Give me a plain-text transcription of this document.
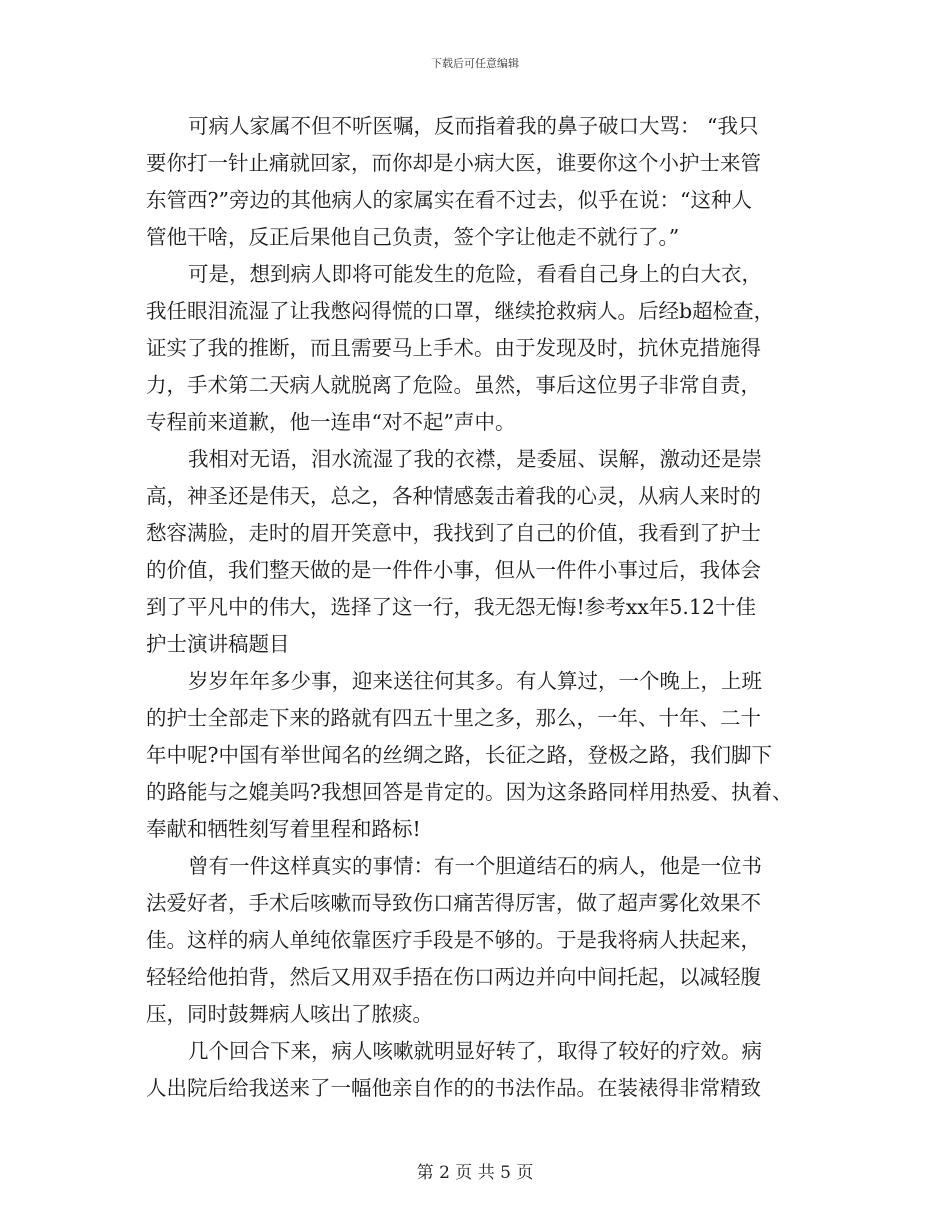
下载后可任意编辑
可病人家属不但不听医嘱，反而指着我的鼻子破口大骂： “我只
要你打一针止痛就回家，而你却是小病大医，谁要你这个小护士来管
东管西?”旁边的其他病人的家属实在看不过去，似乎在说：“这种人
管他干啥，反正后果他自己负责，签个字让他走不就行了。”
可是，想到病人即将可能发生的危险，看看自己身上的白大衣，
我任眼泪流湿了让我憋闷得慌的口罩，继续抢救病人。后经b超检查，
证实了我的推断，而且需要马上手术。由于发现及时，抗休克措施得
力，手术第二天病人就脱离了危险。虽然，事后这位男子非常自责，
专程前来道歉，他一连串“对不起”声中。
我相对无语，泪水流湿了我的衣襟，是委屈、误解，激动还是崇
高，神圣还是伟天，总之，各种情感轰击着我的心灵，从病人来时的
愁容满脸，走时的眉开笑意中，我找到了自己的价值，我看到了护士
的价值，我们整天做的是一件件小事，但从一件件小事过后，我体会
到了平凡中的伟大，选择了这一行，我无怨无悔!参考xx年5.12十佳
护士演讲稿题目
岁岁年年多少事，迎来送往何其多。有人算过，一个晚上，上班
的护士全部走下来的路就有四五十里之多，那么，一年、十年、二十
年中呢?中国有举世闻名的丝绸之路，长征之路，登极之路，我们脚下
的路能与之媲美吗?我想回答是肯定的。因为这条路同样用热爱、执着、
奉献和牺牲刻写着里程和路标!
曾有一件这样真实的事情：有一个胆道结石的病人，他是一位书
法爱好者，手术后咳嗽而导致伤口痛苦得厉害，做了超声雾化效果不
佳。这样的病人单纯依靠医疗手段是不够的。于是我将病人扶起来，
轻轻给他拍背，然后又用双手捂在伤口两边并向中间托起，以减轻腹
压，同时鼓舞病人咳出了脓痰。
几个回合下来，病人咳嗽就明显好转了，取得了较好的疗效。病
人出院后给我送来了一幅他亲自作的的书法作品。在装裱得非常精致
第 2 页 共 5 页
